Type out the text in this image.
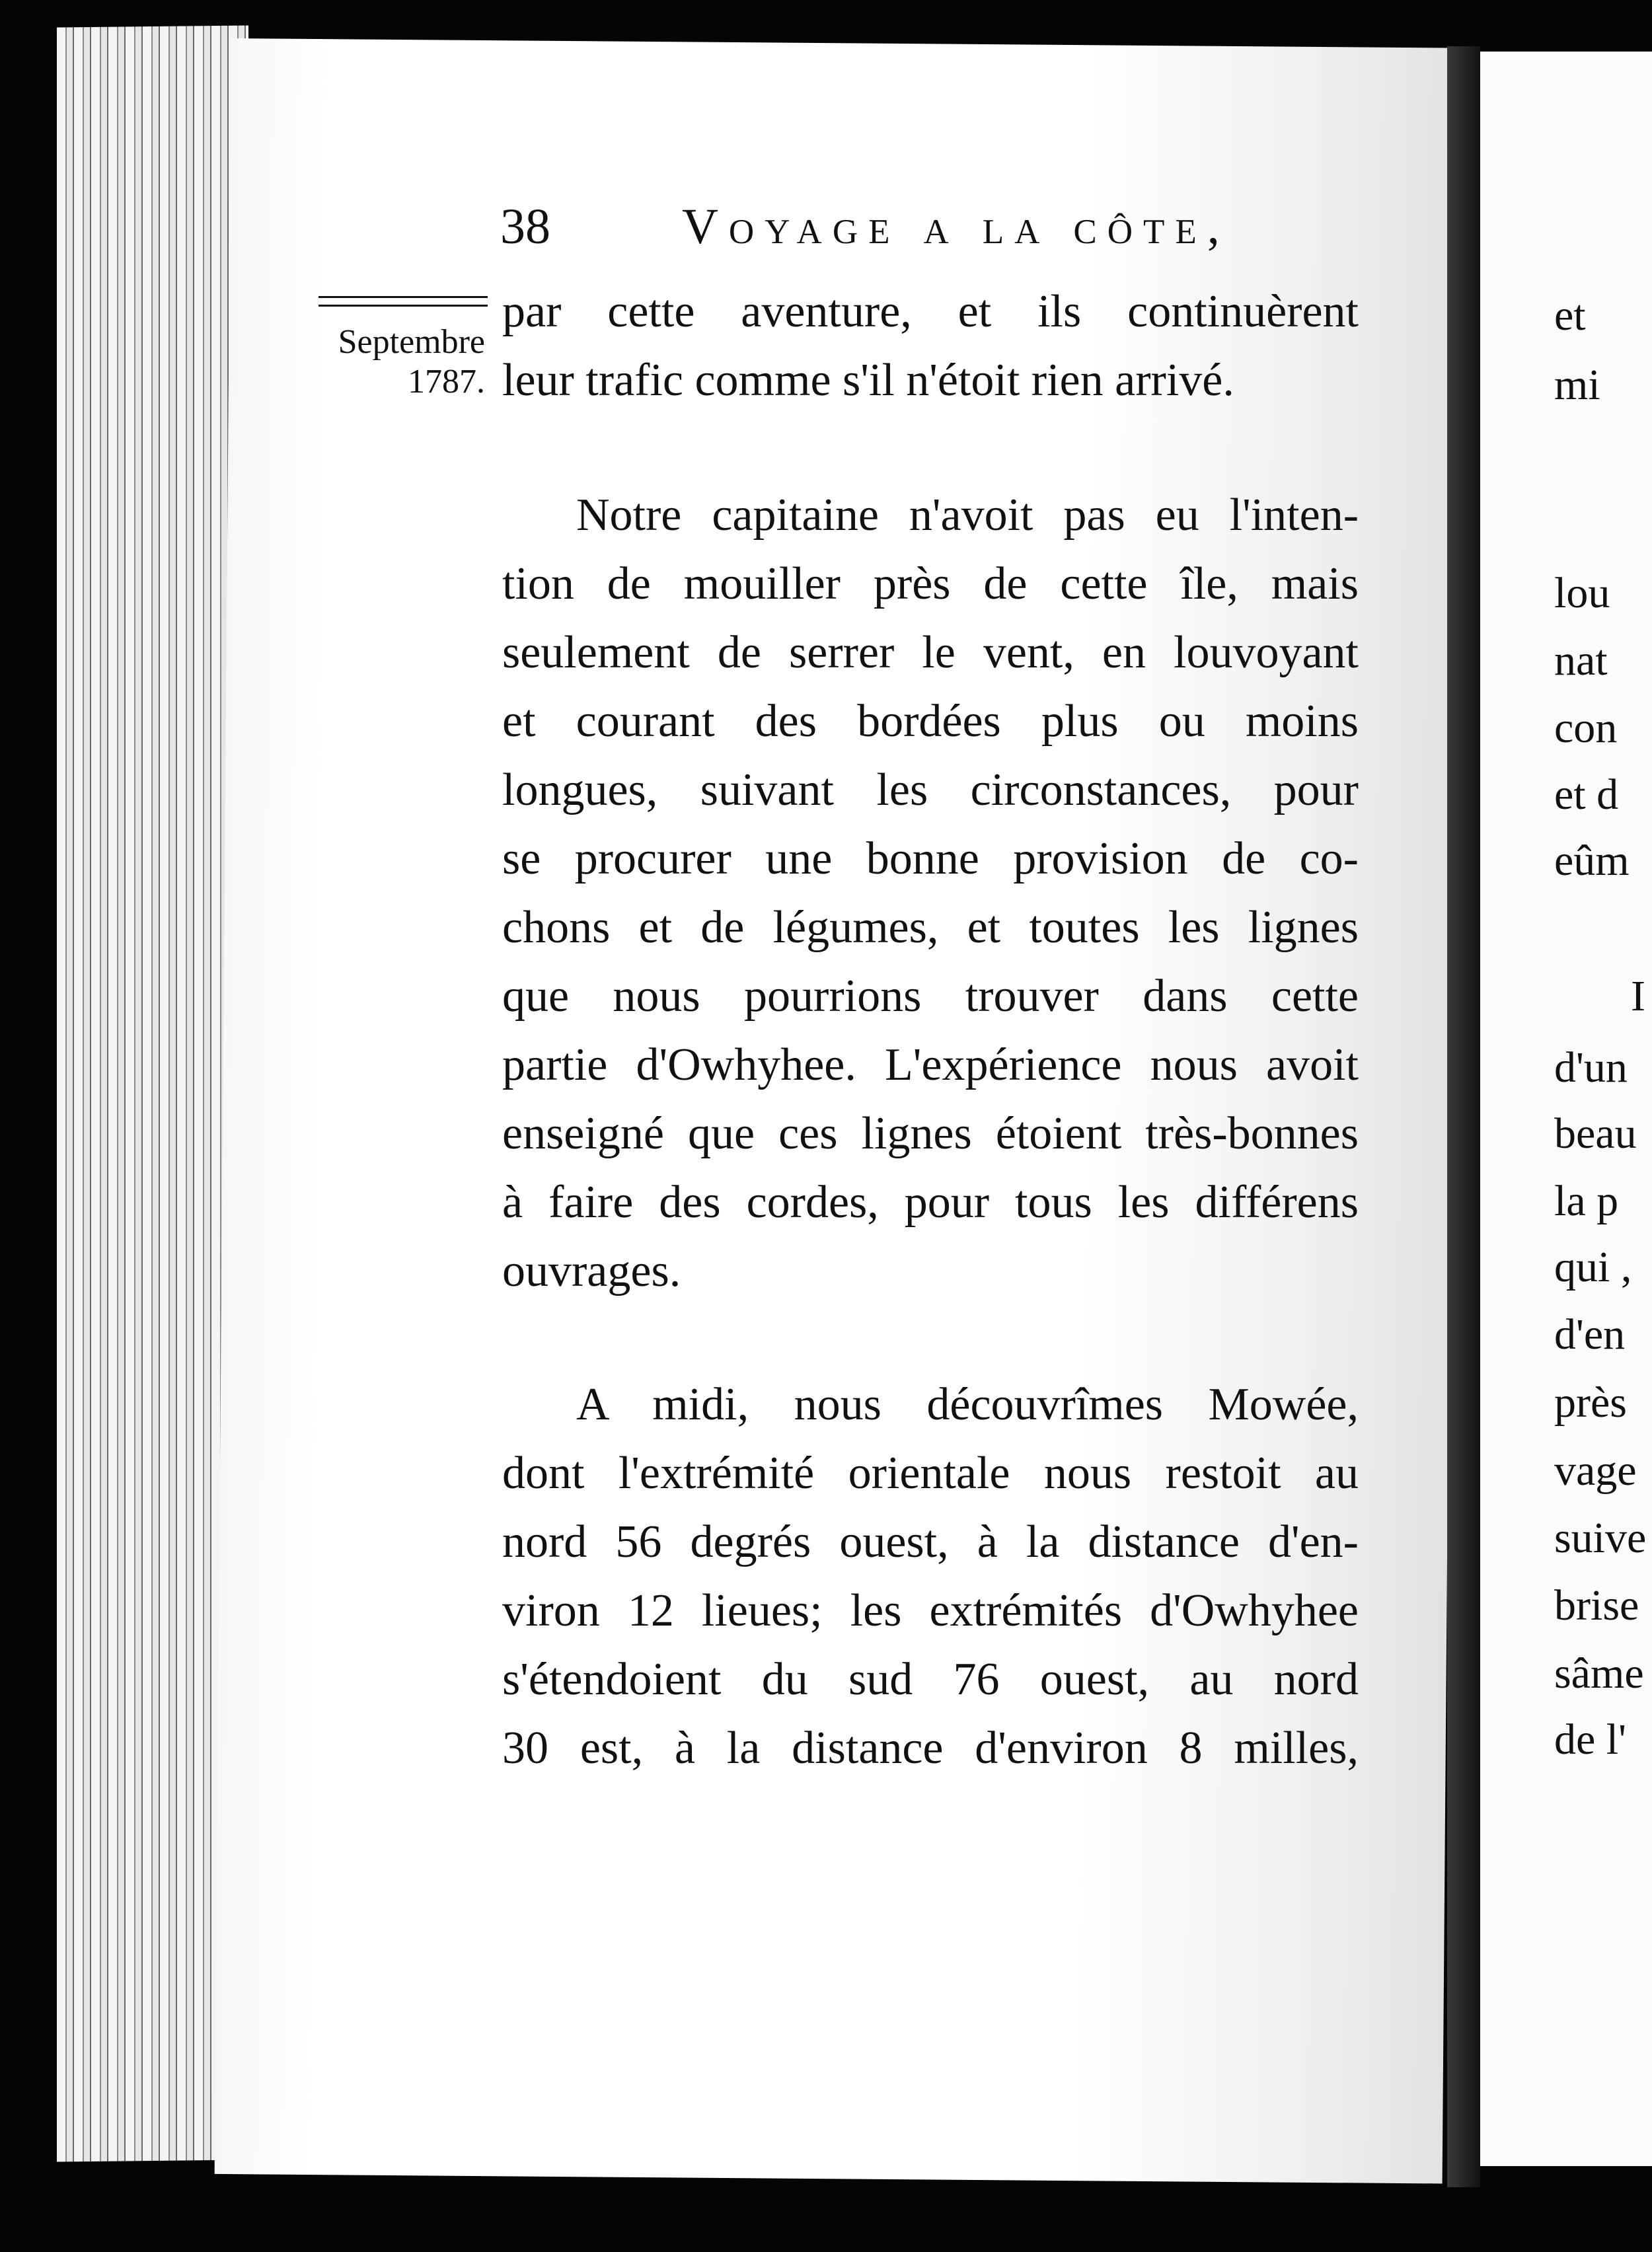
38	Voyage a la côte,
Septembre
1787.
par cette aventure, et ils continuèrent
leur trafic comme s'il n'étoit rien arrivé.
Notre capitaine n'avoit pas eu l'inten-
tion de mouiller près de cette île, mais
seulement de serrer le vent, en louvoyant
et courant des bordées plus ou moins
longues, suivant les circonstances, pour
se procurer une bonne provision de co-
chons et de légumes, et toutes les lignes
que nous pourrions trouver dans cette
partie d'Owhyhee. L'expérience nous avoit
enseigné que ces lignes étoient très-bonnes
à faire des cordes, pour tous les différens
ouvrages.
A midi, nous découvrîmes Mowée,
dont l'extrémité orientale nous restoit au
nord 56 degrés ouest, à la distance d'en-
viron 12 lieues; les extrémités d'Owhyhee
s'étendoient du sud 76 ouest, au nord
30 est, à la distance d'environ 8 milles,
et
mi
lou
nat
con
et d
eûm
I
d'un
beau
la p
qui ,
d'en
près
vage
suive
brise
sâme
de l'
